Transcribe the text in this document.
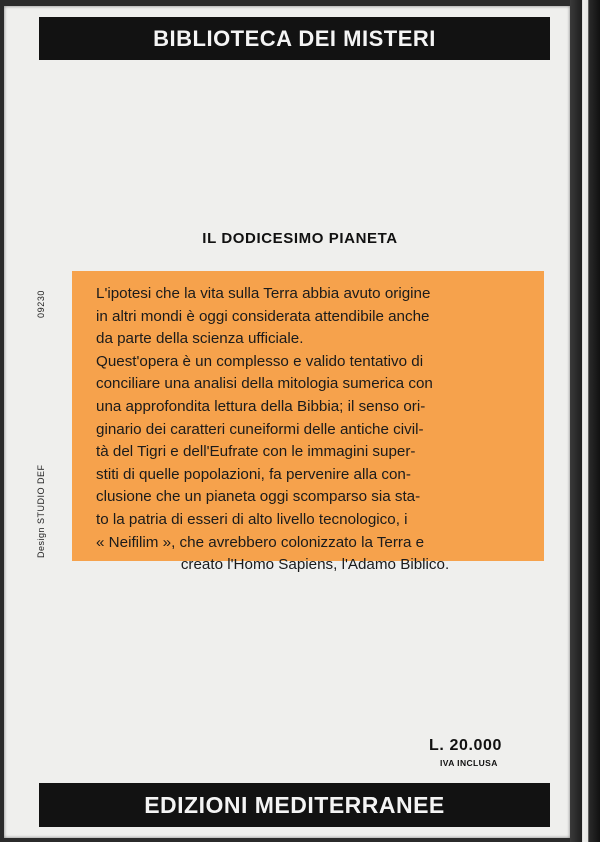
BIBLIOTECA DEI MISTERI
IL DODICESIMO PIANETA
09230
Design STUDIO DEF

L'ipotesi che la vita sulla Terra abbia avuto origine

in altri mondi è oggi considerata attendibile anche

da parte della scienza ufficiale.

Quest'opera è un complesso e valido tentativo di

conciliare una analisi della mitologia sumerica con

una approfondita lettura della Bibbia; il senso ori-

ginario dei caratteri cuneiformi delle antiche civil-

tà del Tigri e dell'Eufrate con le immagini super-

stiti di quelle popolazioni, fa pervenire alla con-

clusione che un pianeta oggi scomparso sia sta-

to la patria di esseri di alto livello tecnologico, i

« Neifilim », che avrebbero colonizzato la Terra e

creato l'Homo Sapiens, l'Adamo Biblico.

L. 20.000
IVA INCLUSA
EDIZIONI MEDITERRANEE
